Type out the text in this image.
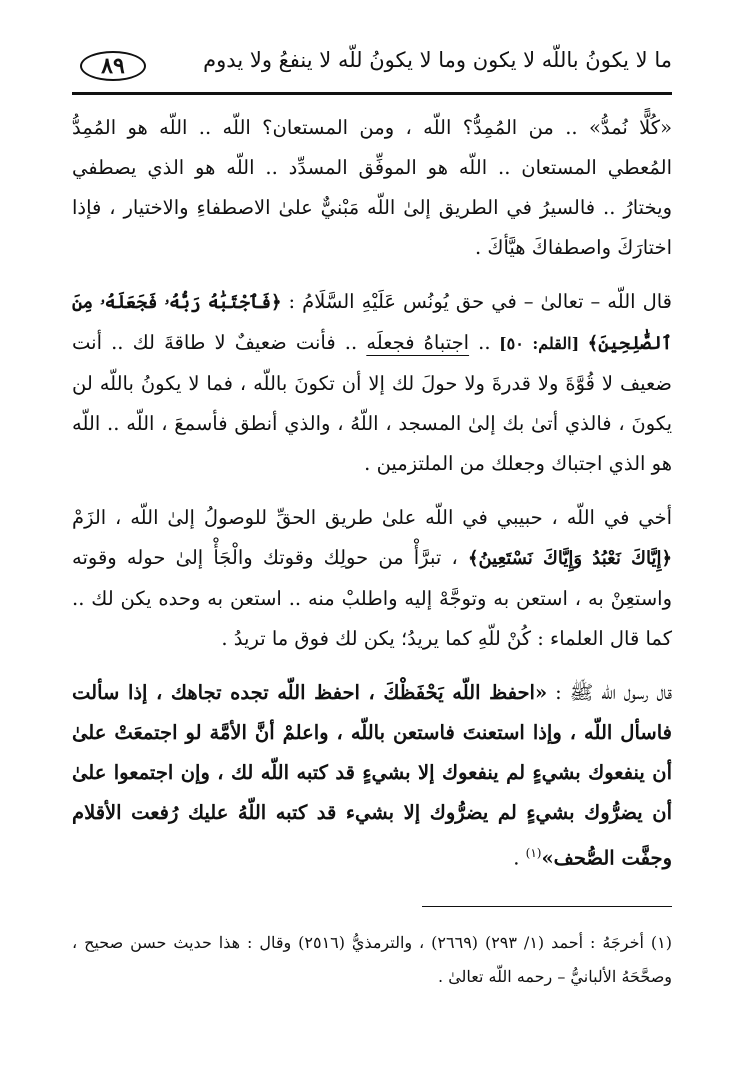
ما لا يكونُ باللّه لا يكون وما لا يكونُ للّه لا ينفعُ ولا يدوم
٨٩

«كُلًّا نُمدُّ» .. من المُمِدُّ؟ اللّه ، ومن المستعان؟ اللّه .. اللّه هو المُمِدُّ المُعطي المستعان .. اللّه هو الموفِّق المسدِّد .. اللّه هو الذي يصطفي ويختارُ .. فالسيرُ في الطريق إلىٰ اللّه مَبْنيٌّ علىٰ الاصطفاءِ والاختيار ، فإذا اختارَكَ واصطفاكَ هيَّأكَ .

قال اللّه – تعالىٰ – في حق يُونُس عَلَيْهِ السَّلَامُ : ﴿فَٱجْتَبَٰهُ رَبُّهُۥ فَجَعَلَهُۥ مِنَ ٱلصَّٰلِحِينَ﴾ [القلم: ٥٠] .. اجتباهُ فجعلَه .. فأنت ضعيفٌ لا طاقةَ لك .. أنت ضعيف لا قُوَّةَ ولا قدرةَ ولا حولَ لك إلا أن تكونَ باللّه ، فما لا يكونُ باللّه لن يكونَ ، فالذي أتىٰ بك إلىٰ المسجد ، اللّهُ ، والذي أنطق فأسمعَ ، اللّه .. اللّه هو الذي اجتباك وجعلك من الملتزمين .

أخي في اللّه ، حبيبي في اللّه علىٰ طريق الحقِّ للوصولُ إلىٰ اللّه ، الزَمْ ﴿إِيَّاكَ نَعْبُدُ وَإِيَّاكَ نَسْتَعِينُ﴾ ، تبرَّأْ من حولِك وقوتك والْجَأْ إلىٰ حوله وقوته واستعِنْ به ، استعن به وتوجَّهْ إليه واطلبْ منه .. استعن به وحده يكن لك .. كما قال العلماء : كُنْ للّهِ كما يريدُ؛ يكن لك فوق ما تريدُ .

قال رسول اللّه ﷺ : «احفظ اللّه يَحْفَظْكَ ، احفظ اللّه تجده تجاهك ، إذا سألت فاسأل اللّه ، وإذا استعنتَ فاستعن باللّه ، واعلمْ أنَّ الأمَّة لو اجتمعَتْ علىٰ أن ينفعوك بشيءٍ لم ينفعوك إلا بشيءٍ قد كتبه اللّه لك ، وإن اجتمعوا علىٰ أن يضرُّوك بشيءٍ لم يضرُّوك إلا بشيء قد كتبه اللّهُ عليك رُفعت الأقلام وجفَّت الصُّحف»$^{(١)}$ .

(١) أخرجَهُ : أحمد (١/ ٢٩٣) (٢٦٦٩) ، والترمذيُّ (٢٥١٦) وقال : هذا حديث حسن صحيح ، وصحَّحَهُ الألبانيُّ – رحمه اللّه تعالىٰ .
